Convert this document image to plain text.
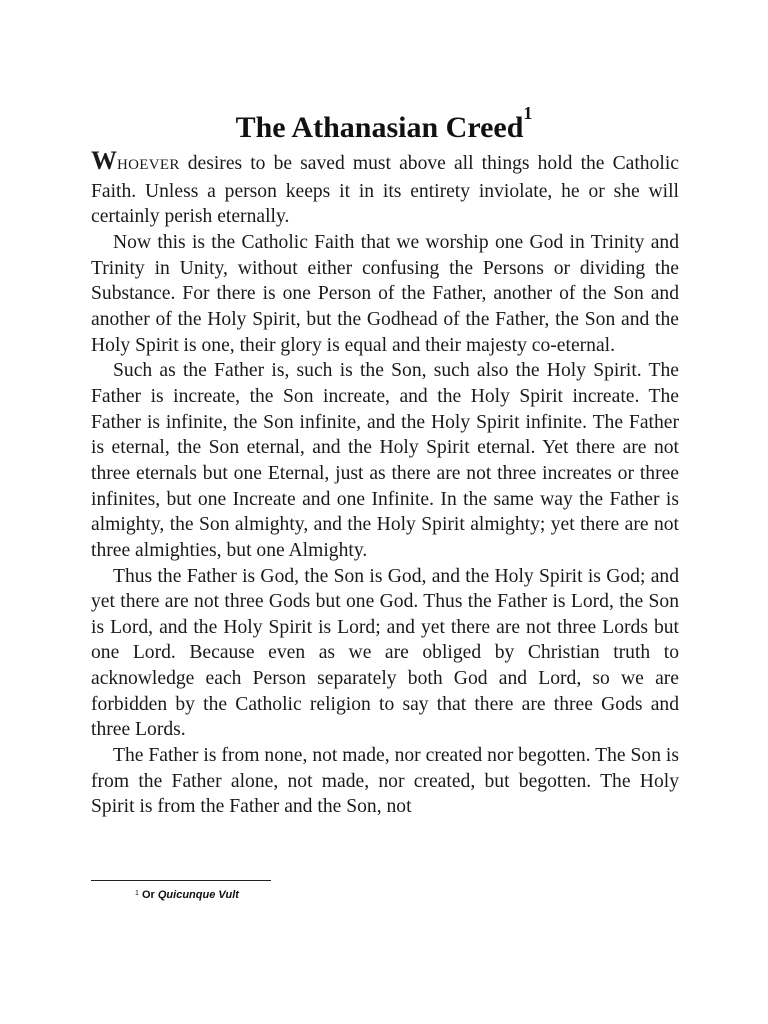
The Athanasian Creed$^1$

WHOEVER desires to be saved must above all things hold the Catholic Faith. Unless a person keeps it in its entirety inviolate, he or she will certainly perish eternally.

Now this is the Catholic Faith that we worship one God in Trinity and Trinity in Unity, without either confusing the Persons or dividing the Substance. For there is one Person of the Father, another of the Son and another of the Holy Spirit, but the Godhead of the Father, the Son and the Holy Spirit is one, their glory is equal and their majesty co-eternal.

Such as the Father is, such is the Son, such also the Holy Spirit. The Father is increate, the Son increate, and the Holy Spirit increate. The Father is infinite, the Son infinite, and the Holy Spirit infinite. The Father is eternal, the Son eternal, and the Holy Spirit eternal. Yet there are not three eternals but one Eternal, just as there are not three increates or three infinites, but one Increate and one Infinite. In the same way the Father is almighty, the Son almighty, and the Holy Spirit almighty; yet there are not three almighties, but one Almighty.

Thus the Father is God, the Son is God, and the Holy Spirit is God; and yet there are not three Gods but one God. Thus the Father is Lord, the Son is Lord, and the Holy Spirit is Lord; and yet there are not three Lords but one Lord. Because even as we are obliged by Christian truth to acknowledge each Person separately both God and Lord, so we are forbidden by the Catholic religion to say that there are three Gods and three Lords.

The Father is from none, not made, nor created nor begotten. The Son is from the Father alone, not made, nor created, but begotten. The Holy Spirit is from the Father and the Son, not

$^1$ Or Quicunque Vult
